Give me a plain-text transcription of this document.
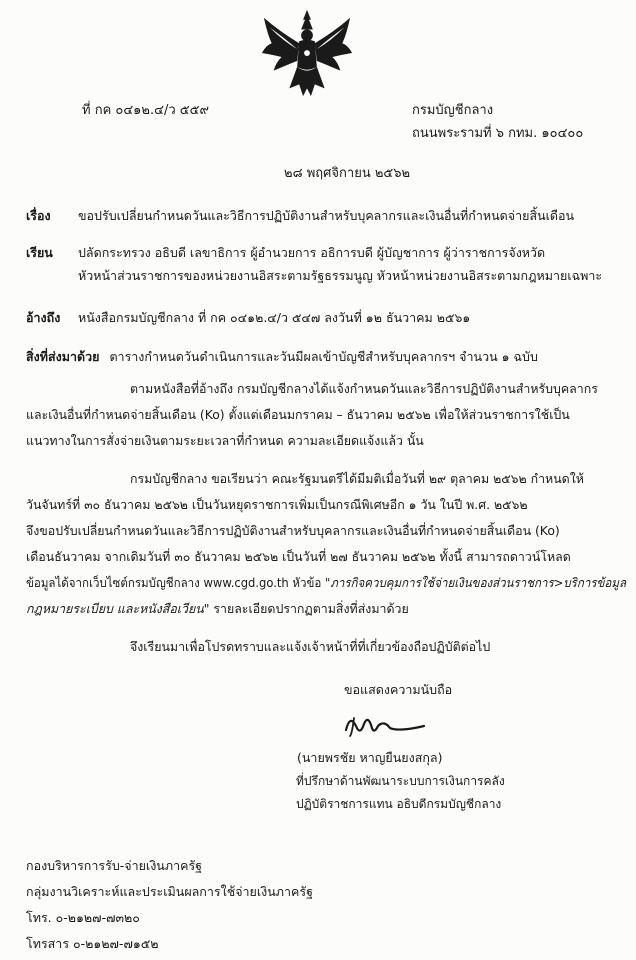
ที่ กค ๐๔๑๒.๔/ว ๕๕๙	กรมบัญชีกลาง
ถนนพระรามที่ ๖ กทม. ๑๐๔๐๐
๒๘ พฤศจิกายน ๒๕๖๒
เรื่อง	ขอปรับเปลี่ยนกำหนดวันและวิธีการปฏิบัติงานสำหรับบุคลากรและเงินอื่นที่กำหนดจ่ายสิ้นเดือน
เรียน	ปลัดกระทรวง อธิบดี เลขาธิการ ผู้อำนวยการ อธิการบดี ผู้บัญชาการ ผู้ว่าราชการจังหวัด
หัวหน้าส่วนราชการของหน่วยงานอิสระตามรัฐธรรมนูญ หัวหน้าหน่วยงานอิสระตามกฎหมายเฉพาะ
อ้างถึง	หนังสือกรมบัญชีกลาง ที่ กค ๐๔๑๒.๔/ว ๕๔๗ ลงวันที่ ๑๒ ธันวาคม ๒๕๖๑
สิ่งที่ส่งมาด้วย ตารางกำหนดวันดำเนินการและวันมีผลเข้าบัญชีสำหรับบุคลากรฯ จำนวน ๑ ฉบับ
ตามหนังสือที่อ้างถึง กรมบัญชีกลางได้แจ้งกำหนดวันและวิธีการปฏิบัติงานสำหรับบุคลากร
และเงินอื่นที่กำหนดจ่ายสิ้นเดือน (Ko) ตั้งแต่เดือนมกราคม – ธันวาคม ๒๕๖๒ เพื่อให้ส่วนราชการใช้เป็น
แนวทางในการสั่งจ่ายเงินตามระยะเวลาที่กำหนด ความละเอียดแจ้งแล้ว นั้น
กรมบัญชีกลาง ขอเรียนว่า คณะรัฐมนตรีได้มีมติเมื่อวันที่ ๒๙ ตุลาคม ๒๕๖๒ กำหนดให้
วันจันทร์ที่ ๓๐ ธันวาคม ๒๕๖๒ เป็นวันหยุดราชการเพิ่มเป็นกรณีพิเศษอีก ๑ วัน ในปี พ.ศ. ๒๕๖๒
จึงขอปรับเปลี่ยนกำหนดวันและวิธีการปฏิบัติงานสำหรับบุคลากรและเงินอื่นที่กำหนดจ่ายสิ้นเดือน (Ko)
เดือนธันวาคม จากเดิมวันที่ ๓๐ ธันวาคม ๒๕๖๒ เป็นวันที่ ๒๗ ธันวาคม ๒๕๖๒ ทั้งนี้ สามารถดาวน์โหลด
ข้อมูลได้จากเว็บไซต์กรมบัญชีกลาง www.cgd.go.th หัวข้อ "ภารกิจควบคุมการใช้จ่ายเงินของส่วนราชการ>บริการข้อมูล
กฎหมายระเบียบ และหนังสือเวียน" รายละเอียดปรากฏตามสิ่งที่ส่งมาด้วย
จึงเรียนมาเพื่อโปรดทราบและแจ้งเจ้าหน้าที่ที่เกี่ยวข้องถือปฏิบัติต่อไป
ขอแสดงความนับถือ
(นายพรชัย หาญยืนยงสกุล)
ที่ปรึกษาด้านพัฒนาระบบการเงินการคลัง
ปฏิบัติราชการแทน อธิบดีกรมบัญชีกลาง
กองบริหารการรับ-จ่ายเงินภาครัฐ
กลุ่มงานวิเคราะห์และประเมินผลการใช้จ่ายเงินภาครัฐ
โทร. ๐-๒๑๒๗-๗๓๒๐
โทรสาร ๐-๒๑๒๗-๗๑๕๒
